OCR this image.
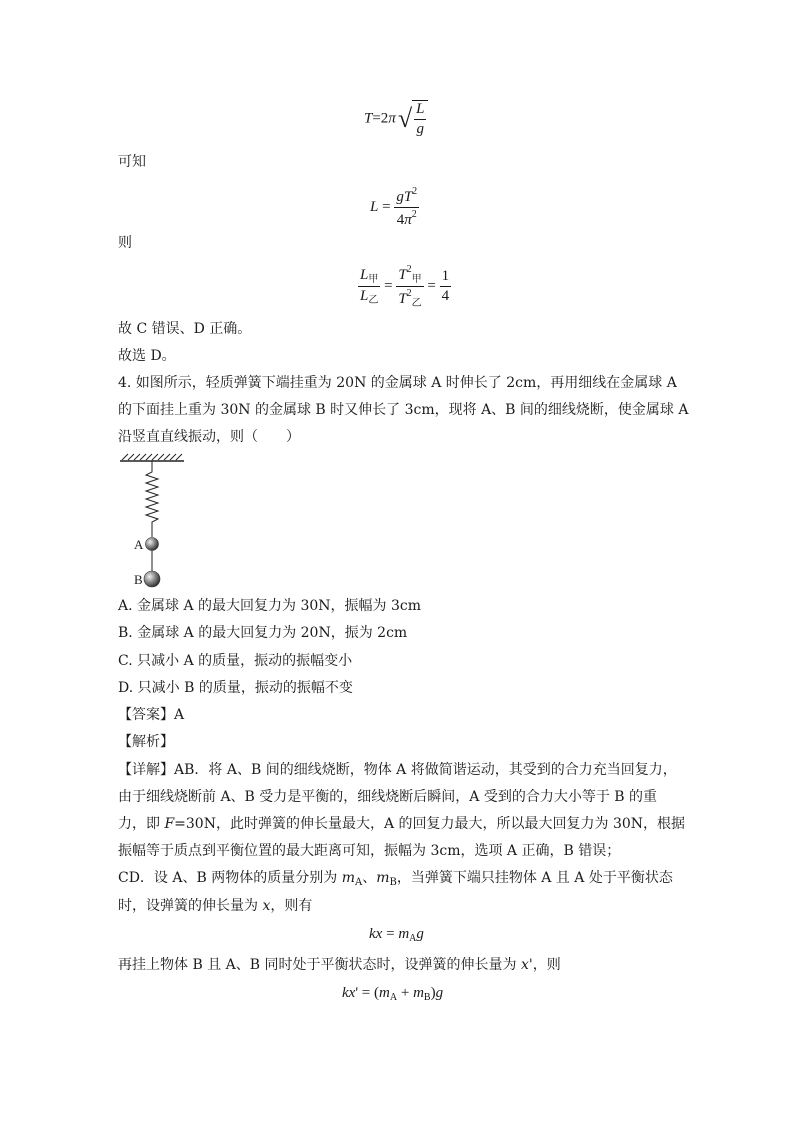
$T=2\pi√ \frac{L}{g}$
可知
$L = \frac{gT^2}{4\pi^2}$
则
$\frac{L_甲}{L_乙} = \frac{T^2_甲}{T^2_乙} = \frac{1}{4}$
故 C 错误、D 正确。
故选 D。
4. 如图所示，轻质弹簧下端挂重为 20N 的金属球 A 时伸长了 2cm，再用细线在金属球 A
的下面挂上重为 30N 的金属球 B 时又伸长了 3cm，现将 A、B 间的细线烧断，使金属球 A
沿竖直直线振动，则（　　）
A
B
A. 金属球 A 的最大回复力为 30N，振幅为 3cm
B. 金属球 A 的最大回复力为 20N，振为 2cm
C. 只减小 A 的质量，振动的振幅变小
D. 只减小 B 的质量，振动的振幅不变
【答案】A
【解析】
【详解】AB．将 A、B 间的细线烧断，物体 A 将做简谐运动，其受到的合力充当回复力，
由于细线烧断前 A、B 受力是平衡的，细线烧断后瞬间，A 受到的合力大小等于 B 的重
力，即 F=30N，此时弹簧的伸长量最大，A 的回复力最大，所以最大回复力为 30N，根据
振幅等于质点到平衡位置的最大距离可知，振幅为 3cm，选项 A 正确，B 错误；
CD．设 A、B 两物体的质量分别为 $m_A$、$m_B$，当弹簧下端只挂物体 A 且 A 处于平衡状态
时，设弹簧的伸长量为 x，则有
kx = $m_Ag$
再挂上物体 B 且 A、B 同时处于平衡状态时，设弹簧的伸长量为 x'，则
$kx' = (m_A + m_B)g$
